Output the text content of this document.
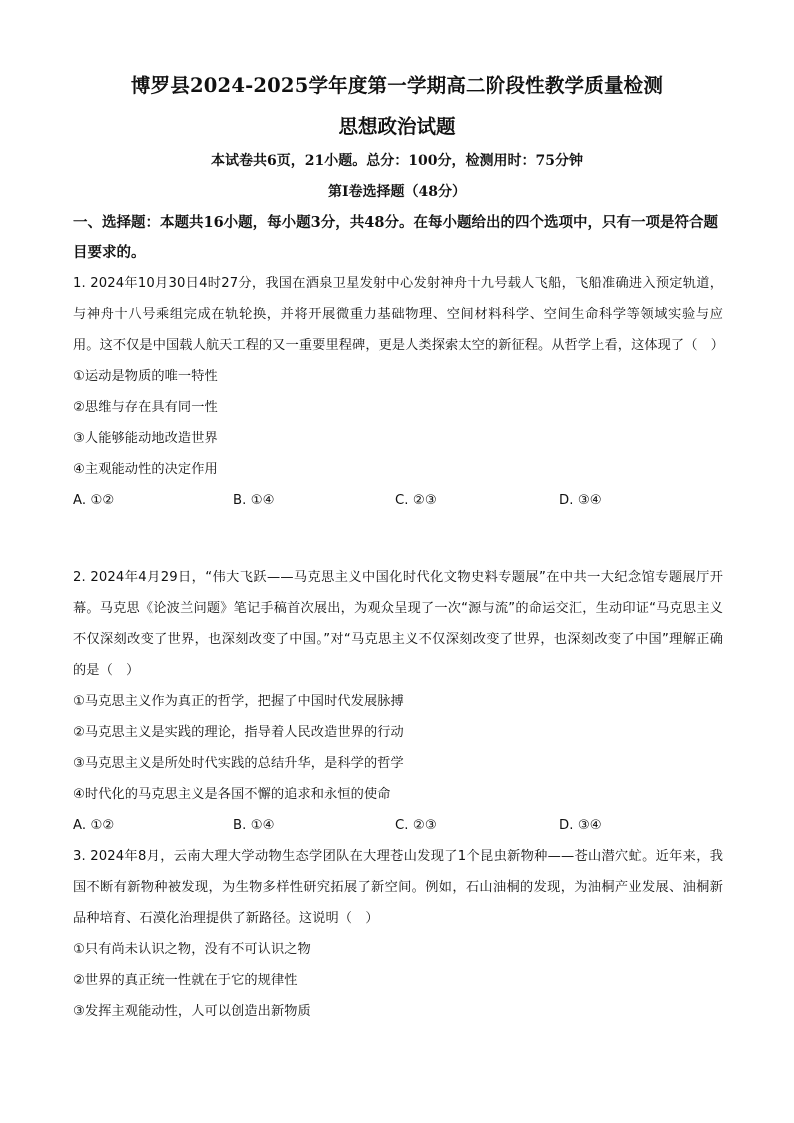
博罗县2024-2025学年度第一学期高二阶段性教学质量检测
思想政治试题
本试卷共6页，21小题。总分：100分，检测用时：75分钟
第Ⅰ卷选择题（48分）
一、选择题：本题共16小题，每小题3分，共48分。在每小题给出的四个选项中，只有一项是符合题目要求的。

1. 2024年10月30日4时27分，我国在酒泉卫星发射中心发射神舟十九号载人飞船，飞船准确进入预定轨道，与神舟十八号乘组完成在轨轮换，并将开展微重力基础物理、空间材料科学、空间生命科学等领域实验与应用。这不仅是中国载人航天工程的又一重要里程碑，更是人类探索太空的新征程。从哲学上看，这体现了（　）

①运动是物质的唯一特性
②思维与存在具有同一性
③人能够能动地改造世界
④主观能动性的决定作用
A. ①②	B. ①④	C. ②③	D. ③④

2. 2024年4月29日，“伟大飞跃——马克思主义中国化时代化文物史料专题展”在中共一大纪念馆专题展厅开幕。马克思《论波兰问题》笔记手稿首次展出，为观众呈现了一次“源与流”的命运交汇，生动印证“马克思主义不仅深刻改变了世界，也深刻改变了中国。”对“马克思主义不仅深刻改变了世界，也深刻改变了中国”理解正确的是（　）

①马克思主义作为真正的哲学，把握了中国时代发展脉搏
②马克思主义是实践的理论，指导着人民改造世界的行动
③马克思主义是所处时代实践的总结升华，是科学的哲学
④时代化的马克思主义是各国不懈的追求和永恒的使命
A. ①②	B. ①④	C. ②③	D. ③④

3. 2024年8月，云南大理大学动物生态学团队在大理苍山发现了1个昆虫新物种——苍山潜穴虻。近年来，我国不断有新物种被发现，为生物多样性研究拓展了新空间。例如，石山油桐的发现，为油桐产业发展、油桐新品种培育、石漠化治理提供了新路径。这说明（　）

①只有尚未认识之物，没有不可认识之物
②世界的真正统一性就在于它的规律性
③发挥主观能动性，人可以创造出新物质
